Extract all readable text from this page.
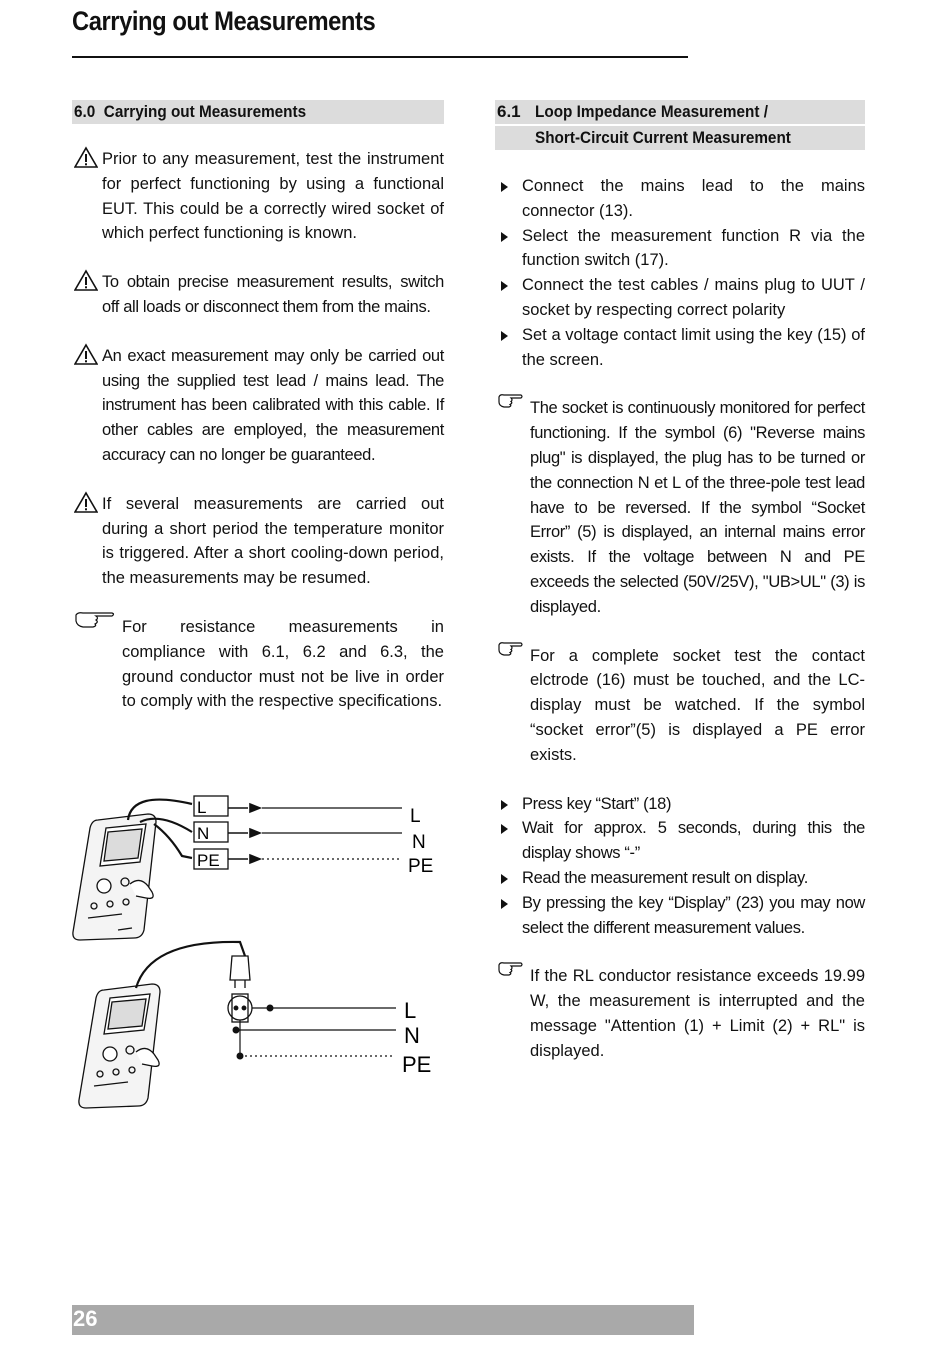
Carrying out Measurements
6.0 Carrying out Measurements
Prior to any measurement, test the instrument for perfect functioning by using a functional EUT. This could be a correctly wired socket of which perfect functioning is known.
To obtain precise measurement results, switch off all loads or disconnect them from the mains.
An exact measurement may only be carried out using the supplied test lead / mains lead. The instrument has been calibrated with this cable. If other cables are employed, the measurement accuracy can no longer be guaranteed.
If several measurements are carried out during a short period the temperature monitor is triggered. After a short cooling-down period, the measurements may be resumed.
For resistance measurements in compliance with 6.1, 6.2 and 6.3, the ground conductor must not be live in order to comply with the respective specifications.
L
N
PE
L
N
PE
L
N
PE
6.1 Loop Impedance Measurement /
Short-Circuit Current Measurement
Connect the mains lead to the mains connector (13).
Select the measurement function R via the function switch (17).
Connect the test cables / mains plug to UUT / socket by respecting correct polarity
Set a voltage contact limit using the key (15) of the screen.
The socket is continuously monitored for perfect functioning. If the symbol (6) "Reverse mains plug" is displayed, the plug has to be turned or the connection N et L of the three-pole test lead have to be reversed. If the symbol “Socket Error” (5) is displayed, an internal mains error exists. If the voltage between N and PE exceeds the selected (50V/25V), "UB>UL" (3) is displayed.
For a complete socket test the contact elctrode (16) must be touched, and the LC-display must be watched. If the symbol “socket error”(5) is displayed a PE error exists.
Press key “Start” (18)
Wait for approx. 5 seconds, during this the display shows “-”
Read the measurement result on display.
By pressing the key “Display” (23) you may now select the different measurement values.
If the RL conductor resistance exceeds 19.99 W, the measurement is interrupted and the message "Attention (1) + Limit (2) + RL" is displayed.
26
